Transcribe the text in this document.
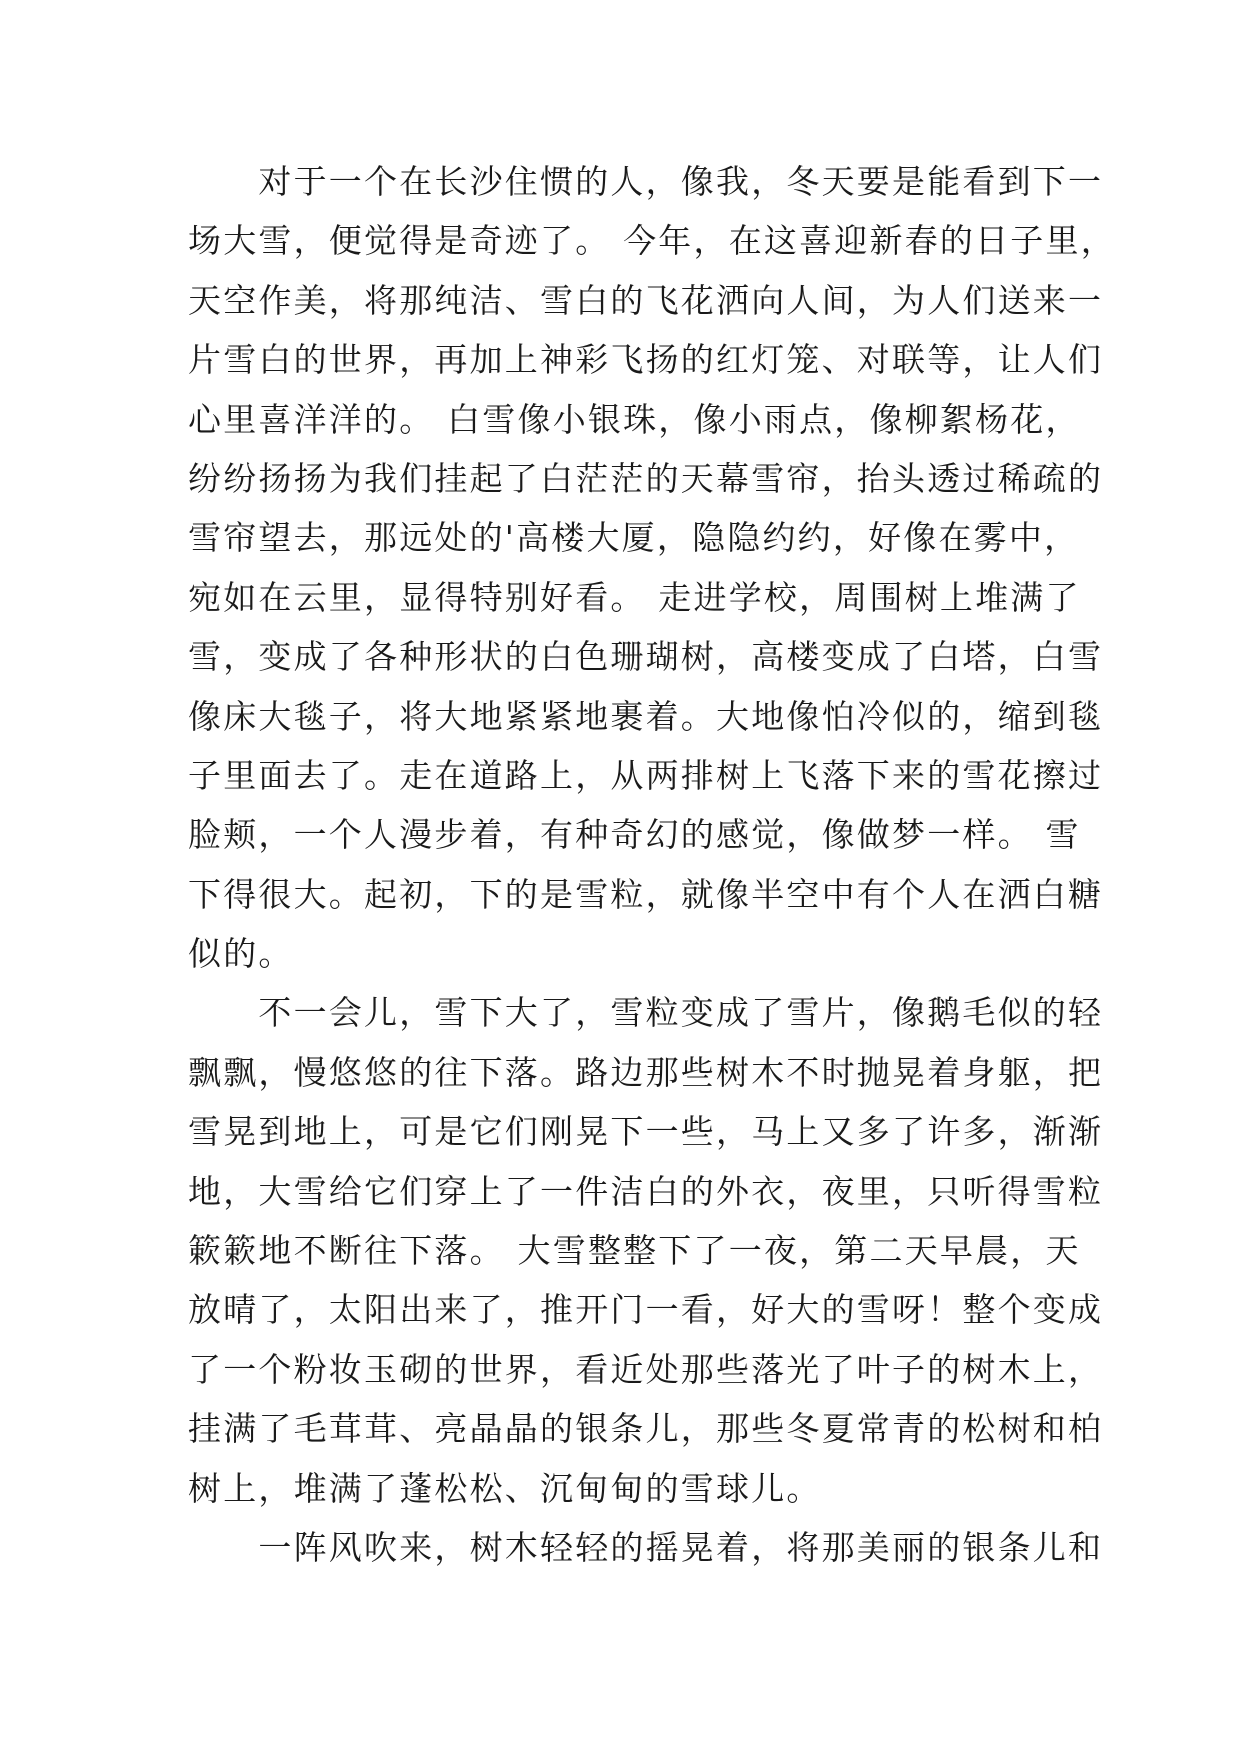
　　对于一个在长沙住惯的人，像我，冬天要是能看到下一
场大雪，便觉得是奇迹了。 今年，在这喜迎新春的日子里，
天空作美，将那纯洁、雪白的飞花洒向人间，为人们送来一
片雪白的世界，再加上神彩飞扬的红灯笼、对联等，让人们
心里喜洋洋的。 白雪像小银珠，像小雨点，像柳絮杨花，
纷纷扬扬为我们挂起了白茫茫的天幕雪帘，抬头透过稀疏的
雪帘望去，那远处的'高楼大厦，隐隐约约，好像在雾中，
宛如在云里，显得特别好看。 走进学校，周围树上堆满了
雪，变成了各种形状的白色珊瑚树，高楼变成了白塔，白雪
像床大毯子，将大地紧紧地裹着。大地像怕冷似的，缩到毯
子里面去了。走在道路上，从两排树上飞落下来的雪花擦过
脸颊，一个人漫步着，有种奇幻的感觉，像做梦一样。 雪
下得很大。起初，下的是雪粒，就像半空中有个人在洒白糖
似的。
　　不一会儿，雪下大了，雪粒变成了雪片，像鹅毛似的轻
飘飘，慢悠悠的往下落。路边那些树木不时抛晃着身躯，把
雪晃到地上，可是它们刚晃下一些，马上又多了许多，渐渐
地，大雪给它们穿上了一件洁白的外衣，夜里，只听得雪粒
簌簌地不断往下落。 大雪整整下了一夜，第二天早晨，天
放晴了，太阳出来了，推开门一看，好大的雪呀！整个变成
了一个粉妆玉砌的世界，看近处那些落光了叶子的树木上，
挂满了毛茸茸、亮晶晶的银条儿，那些冬夏常青的松树和柏
树上，堆满了蓬松松、沉甸甸的雪球儿。
　　一阵风吹来，树木轻轻的摇晃着，将那美丽的银条儿和
